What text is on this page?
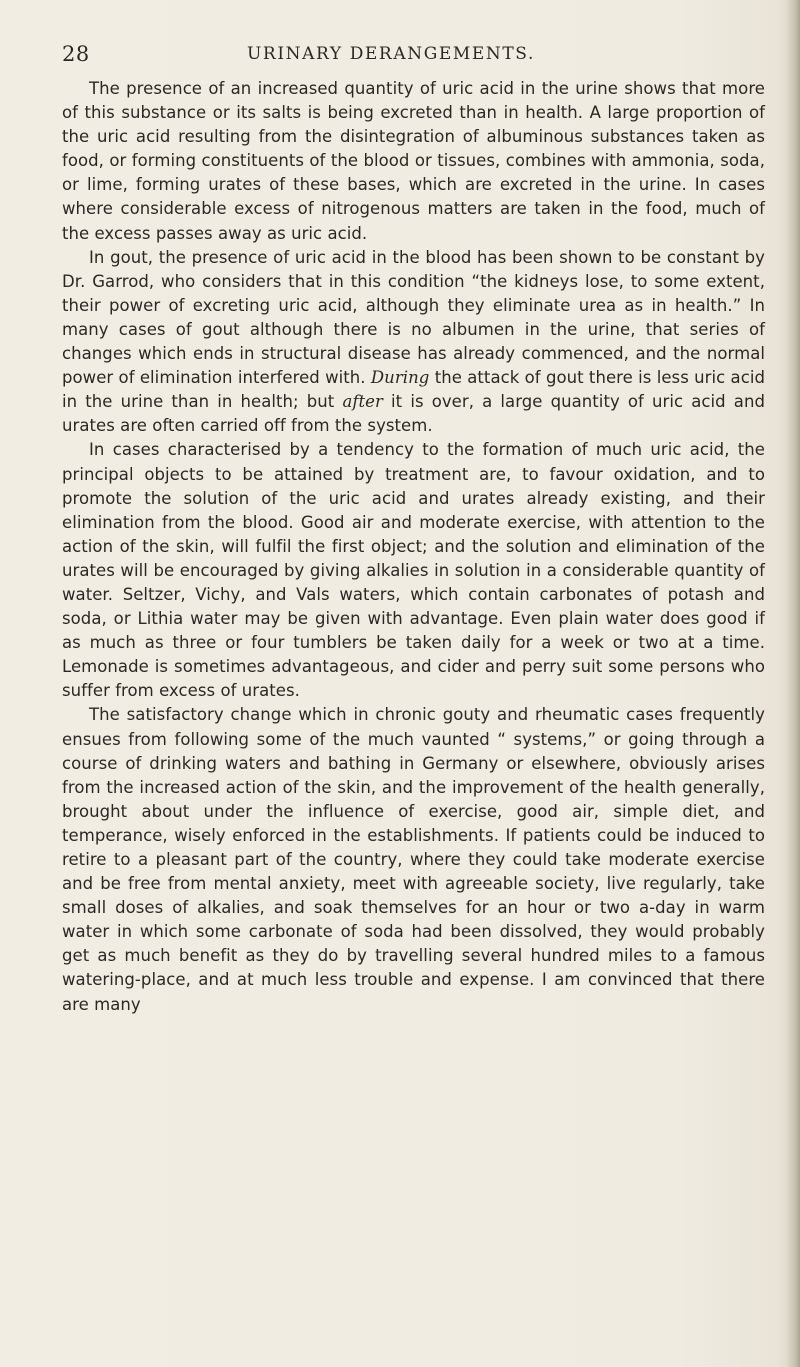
28	URINARY DERANGEMENTS.

The presence of an increased quantity of uric acid in the urine shows that more of this substance or its salts is being excreted than in health. A large proportion of the uric acid resulting from the disintegration of albuminous substances taken as food, or forming constituents of the blood or tissues, combines with ammonia, soda, or lime, forming urates of these bases, which are excreted in the urine. In cases where considerable excess of nitrogenous matters are taken in the food, much of the excess passes away as uric acid.

In gout, the presence of uric acid in the blood has been shown to be constant by Dr. Garrod, who considers that in this condition “the kidneys lose, to some extent, their power of excreting uric acid, although they eliminate urea as in health.” In many cases of gout although there is no albumen in the urine, that series of changes which ends in structural disease has already commenced, and the normal power of elimination interfered with. During the attack of gout there is less uric acid in the urine than in health; but after it is over, a large quantity of uric acid and urates are often carried off from the system.

In cases characterised by a tendency to the formation of much uric acid, the principal objects to be attained by treatment are, to favour oxidation, and to promote the solution of the uric acid and urates already existing, and their elimination from the blood. Good air and moderate exercise, with attention to the action of the skin, will fulfil the first object; and the solution and elimination of the urates will be encouraged by giving alkalies in solution in a considerable quantity of water. Seltzer, Vichy, and Vals waters, which contain carbonates of potash and soda, or Lithia water may be given with advantage. Even plain water does good if as much as three or four tumblers be taken daily for a week or two at a time. Lemonade is sometimes advantageous, and cider and perry suit some persons who suffer from excess of urates.

The satisfactory change which in chronic gouty and rheumatic cases frequently ensues from following some of the much vaunted “ systems,” or going through a course of drinking waters and bathing in Germany or elsewhere, obviously arises from the increased action of the skin, and the improvement of the health generally, brought about under the influence of exercise, good air, simple diet, and temperance, wisely enforced in the establishments. If patients could be induced to retire to a pleasant part of the country, where they could take moderate exercise and be free from mental anxiety, meet with agreeable society, live regularly, take small doses of alkalies, and soak themselves for an hour or two a-day in warm water in which some carbonate of soda had been dissolved, they would probably get as much benefit as they do by travelling several hundred miles to a famous watering-place, and at much less trouble and expense. I am convinced that there are many
